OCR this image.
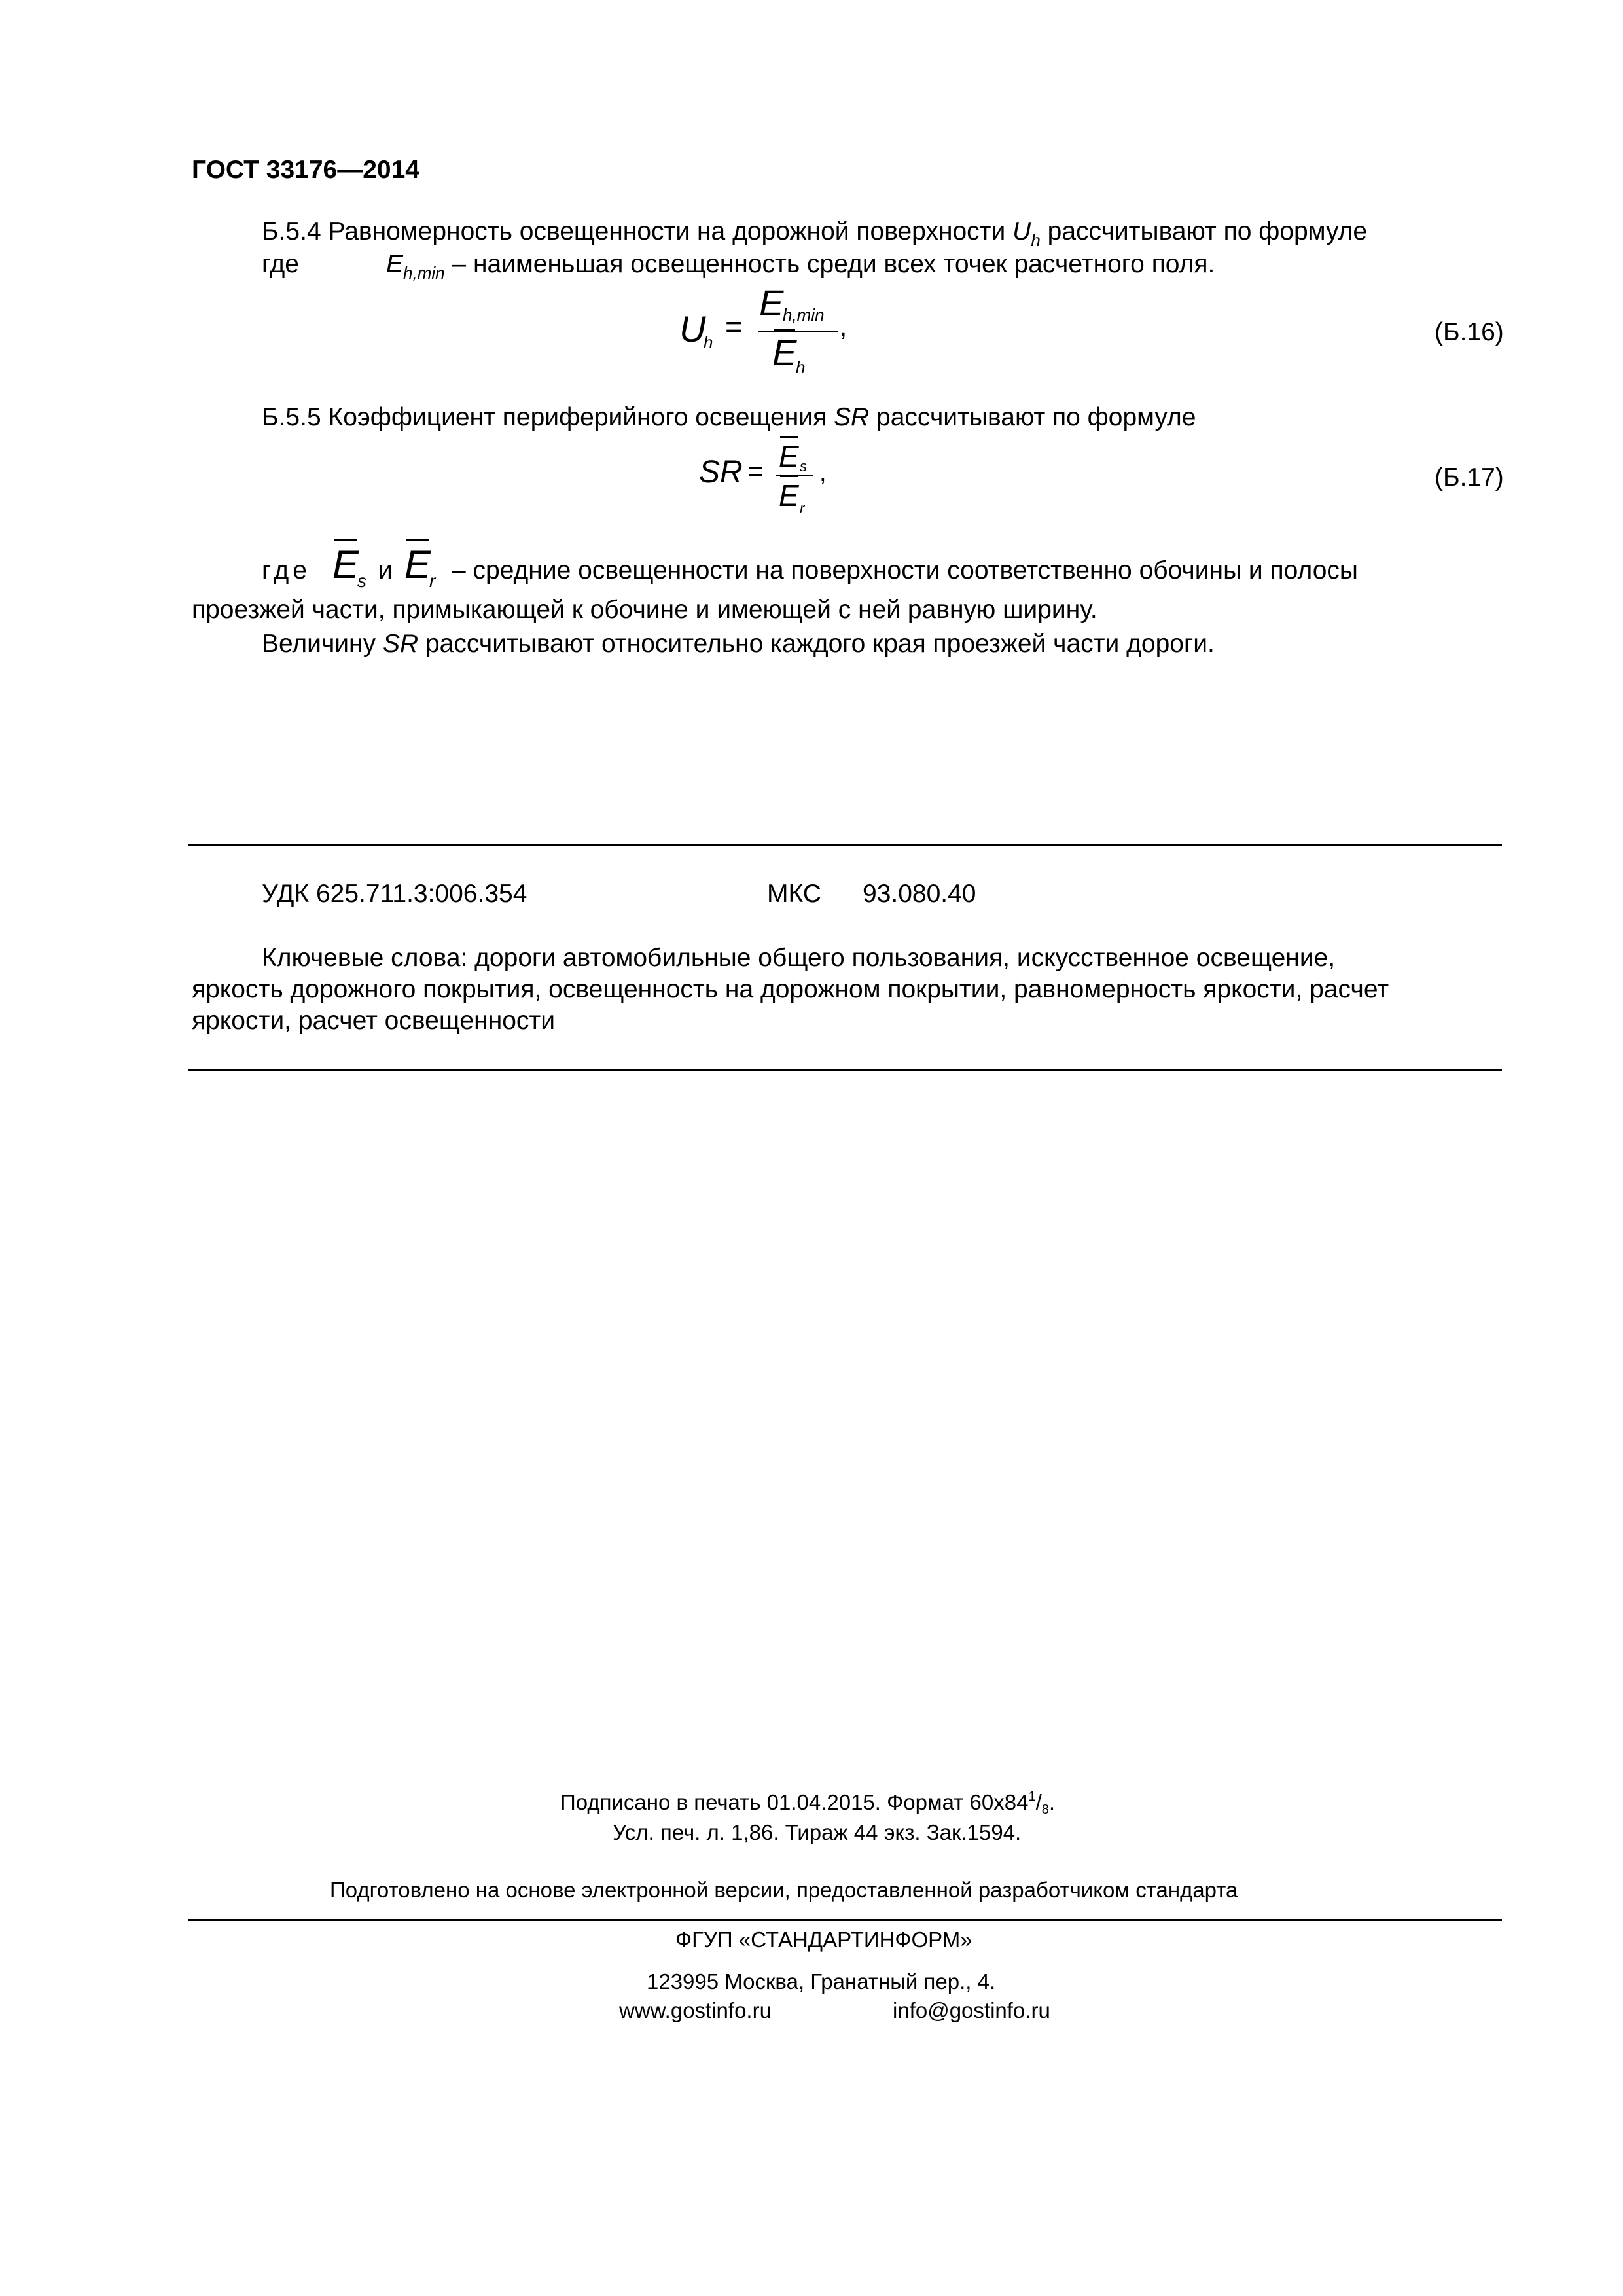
ГОСТ 33176—2014
Б.5.4 Равномерность освещенности на дорожной поверхности $U_h$ рассчитывают по формуле
где	$E_{h,min}$ – наименьшая освещенность среди всех точек расчетного поля.
U
h =
E
h,min
E
h
,	(Б.16)
Б.5.5 Коэффициент периферийного освещения SR рассчитывают по формуле
SR = E s
E r
,	(Б.17)
где E
s и E
r – средние освещенности на поверхности соответственно обочины и полосы
проезжей части, примыкающей к обочине и имеющей с ней равную ширину.
Величину SR рассчитывают относительно каждого края проезжей части дороги.
УДК 625.711.3:006.354	МКС 93.080.40
Ключевые слова: дороги автомобильные общего пользования, искусственное освещение,
яркость дорожного покрытия, освещенность на дорожном покрытии, равномерность яркости, расчет
яркости, расчет освещенности
Подписано в печать 01.04.2015. Формат $60x84^1/8$.
Усл. печ. л. 1,86. Тираж 44 экз. Зак.1594.
Подготовлено на основе электронной версии, предоставленной разработчиком стандарта
ФГУП «СТАНДАРТИНФОРМ»
123995 Москва, Гранатный пер., 4.
www.gostinfo.ru	info@gostinfo.ru
